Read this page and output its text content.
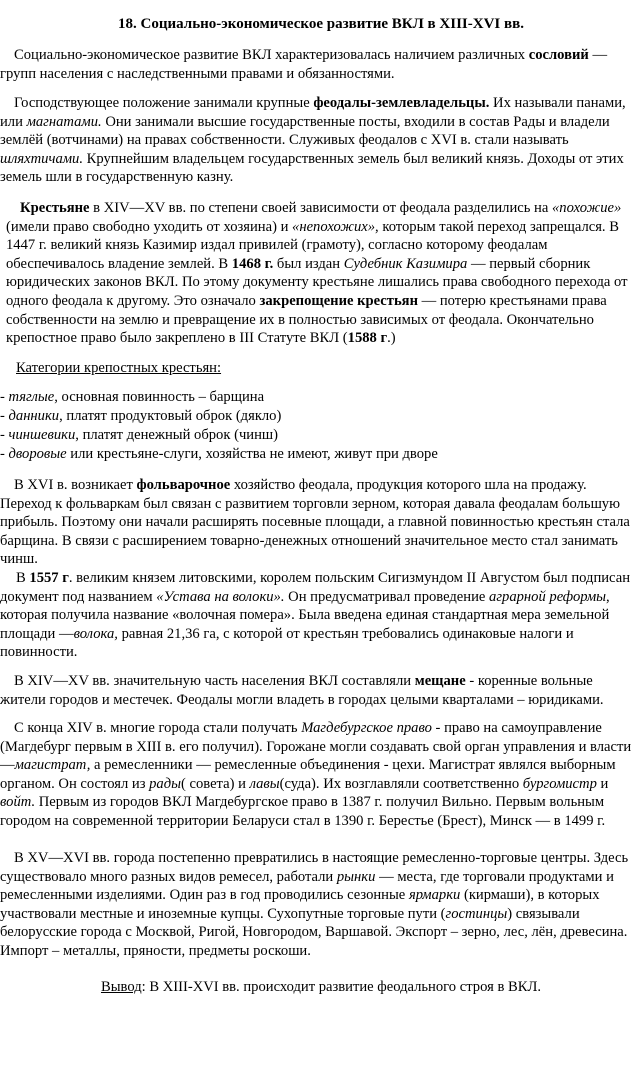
18. Социально-экономическое развитие ВКЛ в XIII-XVI вв.

Социально-экономическое развитие ВКЛ характеризовалась наличием различных сословий — групп населения с наследственными правами и обязанностями.

Господствующее положение занимали крупные феодалы-землевладельцы. Их называли панами, или магнатами. Они занимали высшие государственные посты, входили в состав Рады и владели землёй (вотчинами) на правах собственности. Служивых феодалов с XVI в. стали называть шляхтичами. Крупнейшим владельцем государственных земель был великий князь. Доходы от этих земель шли в государственную казну.

Крестьяне в XIV—XV вв. по степени своей зависимости от феодала разделились на «похожие» (имели право свободно уходить от хозяина) и «непохожих», которым такой переход запрещался. В 1447 г. великий князь Казимир издал привилей (грамоту), согласно которому феодалам обеспечивалось владение землей. В 1468 г. был издан Судебник Казимира — первый сборник юридических законов ВКЛ. По этому документу крестьяне лишались права свободного перехода от одного феодала к другому. Это означало закрепощение крестьян — потерю крестьянами права собственности на землю и превращение их в полностью зависимых от феодала. Окончательно крепостное право было закреплено в III Статуте ВКЛ (1588 г.)

Категории крепостных крестьян:
- тяглые, основная повинность – барщина
- данники, платят продуктовый оброк (дякло)
- чиншевики, платят денежный оброк (чинш)
- дворовые или крестьяне-слуги, хозяйства не имеют, живут при дворе

В XVI в. возникает фольварочное хозяйство феодала, продукция которого шла на продажу. Переход к фольваркам был связан с развитием торговли зерном, которая давала феодалам большую прибыль. Поэтому они начали расширять посевные площади, а главной повинностью крестьян стала барщина. В связи с расширением товарно-денежных отношений значительное место стал занимать чинш.

В 1557 г. великим князем литовскими, королем польским Сигизмундом II Августом был подписан документ под названием «Устава на волоки». Он предусматривал проведение аграрной реформы, которая получила название «волочная помера». Была введена единая стандартная мера земельной площади —волока, равная 21,36 га, с которой от крестьян требовались одинаковые налоги и повинности.

В XIV—XV вв. значительную часть населения ВКЛ составляли мещане - коренные вольные жители городов и местечек. Феодалы могли владеть в городах целыми кварталами – юридиками.

С конца XIV в. многие города стали получать Магдебургское право - право на самоуправление (Магдебург первым в XIII в. его получил). Горожане могли создавать свой орган управления и власти —магистрат, а ремесленники — ремесленные объединения - цехи. Магистрат являлся выборным органом. Он состоял из рады( совета) и лавы(суда). Их возглавляли соответственно бургомистр и войт. Первым из городов ВКЛ Магдебургское право в 1387 г. получил Вильно. Первым вольным городом на современной территории Беларуси стал в 1390 г. Берестье (Брест), Минск — в 1499 г.

В XV—XVI вв. города постепенно превратились в настоящие ремесленно-торговые центры. Здесь существовало много разных видов ремесел, работали рынки — места, где торговали продуктами и ремесленными изделиями. Один раз в год проводились сезонные ярмарки (кирмаши), в которых участвовали местные и иноземные купцы. Сухопутные торговые пути (гостинцы) связывали белорусские города с Москвой, Ригой, Новгородом, Варшавой. Экспорт – зерно, лес, лён, древесина. Импорт – металлы, пряности, предметы роскоши.

Вывод: В XIII-XVI вв. происходит развитие феодального строя в ВКЛ.
